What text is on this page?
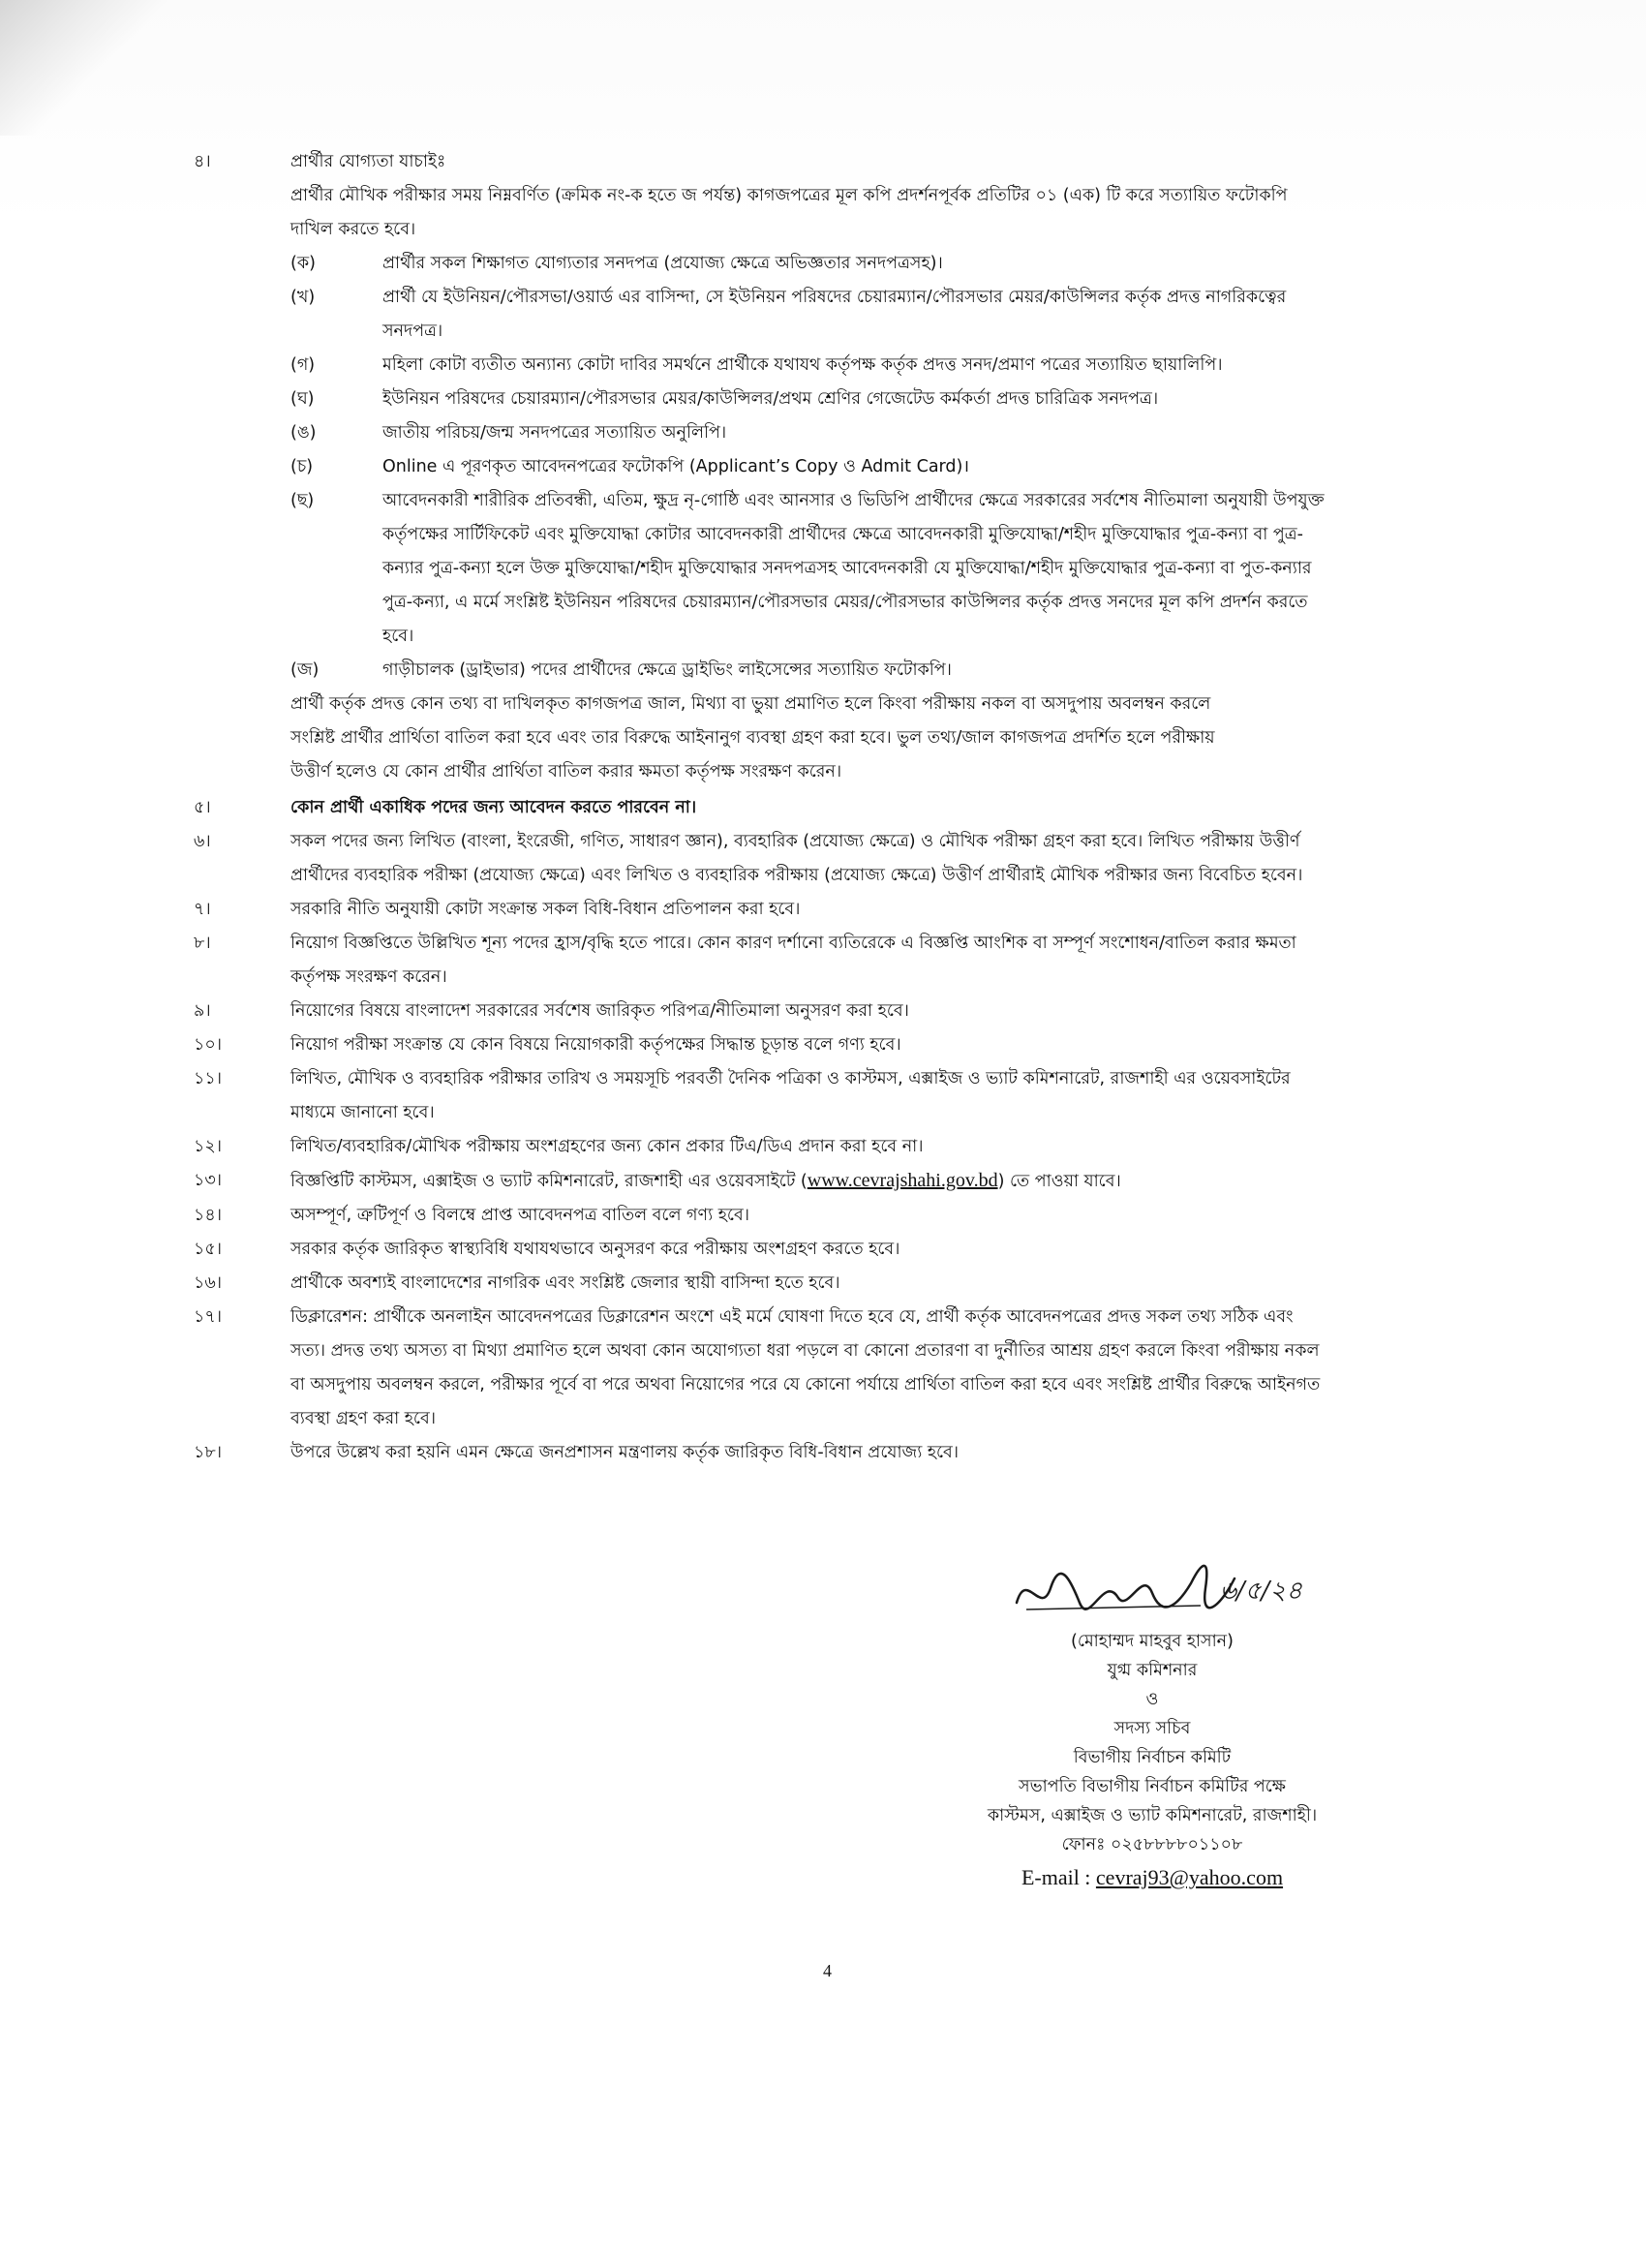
৪।	প্রার্থীর যোগ্যতা যাচাইঃ
প্রার্থীর মৌখিক পরীক্ষার সময় নিম্নবর্ণিত (ক্রমিক নং-ক হতে জ পর্যন্ত) কাগজপত্রের মূল কপি প্রদর্শনপূর্বক প্রতিটির ০১ (এক) টি করে সত্যায়িত ফটোকপি
দাখিল করতে হবে।
(ক)	প্রার্থীর সকল শিক্ষাগত যোগ্যতার সনদপত্র (প্রযোজ্য ক্ষেত্রে অভিজ্ঞতার সনদপত্রসহ)।
(খ)	প্রার্থী যে ইউনিয়ন/পৌরসভা/ওয়ার্ড এর বাসিন্দা, সে ইউনিয়ন পরিষদের চেয়ারম্যান/পৌরসভার মেয়র/কাউন্সিলর কর্তৃক প্রদত্ত নাগরিকত্বের
সনদপত্র।
(গ)	মহিলা কোটা ব্যতীত অন্যান্য কোটা দাবির সমর্থনে প্রার্থীকে যথাযথ কর্তৃপক্ষ কর্তৃক প্রদত্ত সনদ/প্রমাণ পত্রের সত্যায়িত ছায়ালিপি।
(ঘ)	ইউনিয়ন পরিষদের চেয়ারম্যান/পৌরসভার মেয়র/কাউন্সিলর/প্রথম শ্রেণির গেজেটেড কর্মকর্তা প্রদত্ত চারিত্রিক সনদপত্র।
(ঙ)	জাতীয় পরিচয়/জন্ম সনদপত্রের সত্যায়িত অনুলিপি।
(চ)	Online এ পূরণকৃত আবেদনপত্রের ফটোকপি (Applicant’s Copy ও Admit Card)।
(ছ)	আবেদনকারী শারীরিক প্রতিবন্ধী, এতিম, ক্ষুদ্র নৃ-গোষ্ঠি এবং আনসার ও ভিডিপি প্রার্থীদের ক্ষেত্রে সরকারের সর্বশেষ নীতিমালা অনুযায়ী উপযুক্ত
কর্তৃপক্ষের সার্টিফিকেট এবং মুক্তিযোদ্ধা কোটার আবেদনকারী প্রার্থীদের ক্ষেত্রে আবেদনকারী মুক্তিযোদ্ধা/শহীদ মুক্তিযোদ্ধার পুত্র-কন্যা বা পুত্র-
কন্যার পুত্র-কন্যা হলে উক্ত মুক্তিযোদ্ধা/শহীদ মুক্তিযোদ্ধার সনদপত্রসহ আবেদনকারী যে মুক্তিযোদ্ধা/শহীদ মুক্তিযোদ্ধার পুত্র-কন্যা বা পুত-কন্যার
পুত্র-কন্যা, এ মর্মে সংশ্লিষ্ট ইউনিয়ন পরিষদের চেয়ারম্যান/পৌরসভার মেয়র/পৌরসভার কাউন্সিলর কর্তৃক প্রদত্ত সনদের মূল কপি প্রদর্শন করতে
হবে।
(জ)	গাড়ীচালক (ড্রাইভার) পদের প্রার্থীদের ক্ষেত্রে ড্রাইভিং লাইসেন্সের সত্যায়িত ফটোকপি।
প্রার্থী কর্তৃক প্রদত্ত কোন তথ্য বা দাখিলকৃত কাগজপত্র জাল, মিথ্যা বা ভুয়া প্রমাণিত হলে কিংবা পরীক্ষায় নকল বা অসদুপায় অবলম্বন করলে
সংশ্লিষ্ট প্রার্থীর প্রার্থিতা বাতিল করা হবে এবং তার বিরুদ্ধে আইনানুগ ব্যবস্থা গ্রহণ করা হবে। ভুল তথ্য/জাল কাগজপত্র প্রদর্শিত হলে পরীক্ষায়
উত্তীর্ণ হলেও যে কোন প্রার্থীর প্রার্থিতা বাতিল করার ক্ষমতা কর্তৃপক্ষ সংরক্ষণ করেন।
৫।	কোন প্রার্থী একাধিক পদের জন্য আবেদন করতে পারবেন না।
৬।	সকল পদের জন্য লিখিত (বাংলা, ইংরেজী, গণিত, সাধারণ জ্ঞান), ব্যবহারিক (প্রযোজ্য ক্ষেত্রে) ও মৌখিক পরীক্ষা গ্রহণ করা হবে। লিখিত পরীক্ষায় উত্তীর্ণ
প্রার্থীদের ব্যবহারিক পরীক্ষা (প্রযোজ্য ক্ষেত্রে) এবং লিখিত ও ব্যবহারিক পরীক্ষায় (প্রযোজ্য ক্ষেত্রে) উত্তীর্ণ প্রার্থীরাই মৌখিক পরীক্ষার জন্য বিবেচিত হবেন।
৭।	সরকারি নীতি অনুযায়ী কোটা সংক্রান্ত সকল বিধি-বিধান প্রতিপালন করা হবে।
৮।	নিয়োগ বিজ্ঞপ্তিতে উল্লিখিত শূন্য পদের হ্রাস/বৃদ্ধি হতে পারে। কোন কারণ দর্শানো ব্যতিরেকে এ বিজ্ঞপ্তি আংশিক বা সম্পূর্ণ সংশোধন/বাতিল করার ক্ষমতা
কর্তৃপক্ষ সংরক্ষণ করেন।
৯।	নিয়োগের বিষয়ে বাংলাদেশ সরকারের সর্বশেষ জারিকৃত পরিপত্র/নীতিমালা অনুসরণ করা হবে।
১০।	নিয়োগ পরীক্ষা সংক্রান্ত যে কোন বিষয়ে নিয়োগকারী কর্তৃপক্ষের সিদ্ধান্ত চূড়ান্ত বলে গণ্য হবে।
১১।	লিখিত, মৌখিক ও ব্যবহারিক পরীক্ষার তারিখ ও সময়সূচি পরবর্তী দৈনিক পত্রিকা ও কাস্টমস, এক্সাইজ ও ভ্যাট কমিশনারেট, রাজশাহী এর ওয়েবসাইটের
মাধ্যমে জানানো হবে।
১২।	লিখিত/ব্যবহারিক/মৌখিক পরীক্ষায় অংশগ্রহণের জন্য কোন প্রকার টিএ/ডিএ প্রদান করা হবে না।
১৩।	বিজ্ঞপ্তিটি কাস্টমস, এক্সাইজ ও ভ্যাট কমিশনারেট, রাজশাহী এর ওয়েবসাইটে (www.cevrajshahi.gov.bd) তে পাওয়া যাবে।
১৪।	অসম্পূর্ণ, ত্রুটিপূর্ণ ও বিলম্বে প্রাপ্ত আবেদনপত্র বাতিল বলে গণ্য হবে।
১৫।	সরকার কর্তৃক জারিকৃত স্বাস্থ্যবিধি যথাযথভাবে অনুসরণ করে পরীক্ষায় অংশগ্রহণ করতে হবে।
১৬।	প্রার্থীকে অবশ্যই বাংলাদেশের নাগরিক এবং সংশ্লিষ্ট জেলার স্থায়ী বাসিন্দা হতে হবে।
১৭।	ডিক্লারেশন: প্রার্থীকে অনলাইন আবেদনপত্রের ডিক্লারেশন অংশে এই মর্মে ঘোষণা দিতে হবে যে, প্রার্থী কর্তৃক আবেদনপত্রের প্রদত্ত সকল তথ্য সঠিক এবং
সত্য। প্রদত্ত তথ্য অসত্য বা মিথ্যা প্রমাণিত হলে অথবা কোন অযোগ্যতা ধরা পড়লে বা কোনো প্রতারণা বা দুর্নীতির আশ্রয় গ্রহণ করলে কিংবা পরীক্ষায় নকল
বা অসদুপায় অবলম্বন করলে, পরীক্ষার পূর্বে বা পরে অথবা নিয়োগের পরে যে কোনো পর্যায়ে প্রার্থিতা বাতিল করা হবে এবং সংশ্লিষ্ট প্রার্থীর বিরুদ্ধে আইনগত
ব্যবস্থা গ্রহণ করা হবে।
১৮।	উপরে উল্লেখ করা হয়নি এমন ক্ষেত্রে জনপ্রশাসন মন্ত্রণালয় কর্তৃক জারিকৃত বিধি-বিধান প্রযোজ্য হবে।
৬/৫/২৪
(মোহাম্মদ মাহবুব হাসান)
যুগ্ম কমিশনার
ও
সদস্য সচিব
বিভাগীয় নির্বাচন কমিটি
সভাপতি বিভাগীয় নির্বাচন কমিটির পক্ষে
কাস্টমস, এক্সাইজ ও ভ্যাট কমিশনারেট, রাজশাহী।
ফোনঃ ০২৫৮৮৮৮০১১০৮
E-mail : cevraj93@yahoo.com
4
